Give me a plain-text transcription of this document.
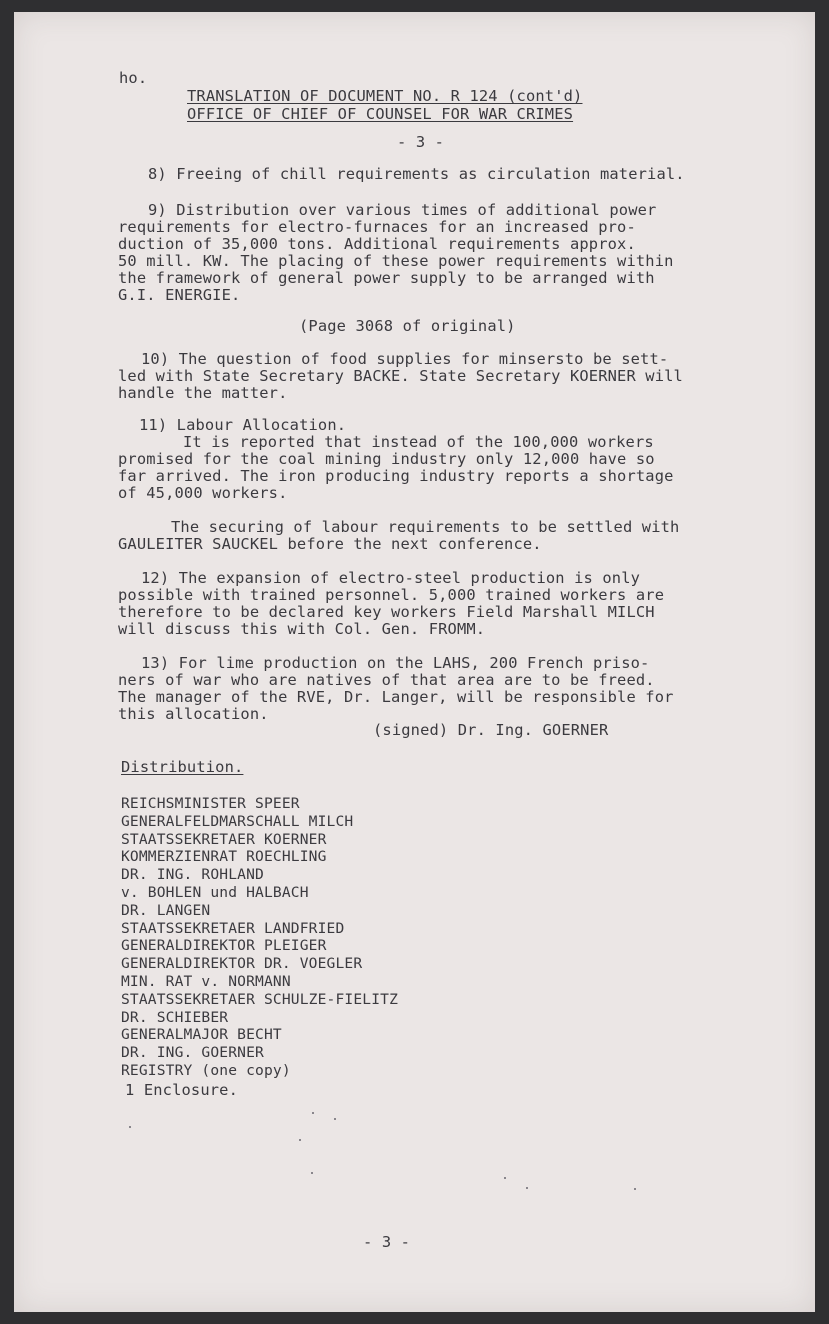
ho.
TRANSLATION OF DOCUMENT NO. R 124 (cont'd)
OFFICE OF CHIEF OF COUNSEL FOR WAR CRIMES
- 3 -
8) Freeing of chill requirements as circulation material.
9) Distribution over various times of additional power
requirements for electro-furnaces for an increased pro-
duction of 35,000 tons. Additional requirements approx.
50 mill. KW. The placing of these power requirements within
the framework of general power supply to be arranged with
G.I. ENERGIE.
(Page 3068 of original)
10) The question of food supplies for minsersto be sett-
led with State Secretary BACKE. State Secretary KOERNER will
handle the matter.
11) Labour Allocation.
It is reported that instead of the 100,000 workers
promised for the coal mining industry only 12,000 have so
far arrived. The iron producing industry reports a shortage
of 45,000 workers.
The securing of labour requirements to be settled with
GAULEITER SAUCKEL before the next conference.
12) The expansion of electro-steel production is only
possible with trained personnel. 5,000 trained workers are
therefore to be declared key workers Field Marshall MILCH
will discuss this with Col. Gen. FROMM.
13) For lime production on the LAHS, 200 French priso-
ners of war who are natives of that area are to be freed.
The manager of the RVE, Dr. Langer, will be responsible for
this allocation.
(signed) Dr. Ing. GOERNER
Distribution.
REICHSMINISTER SPEER
GENERALFELDMARSCHALL MILCH
STAATSSEKRETAER KOERNER
KOMMERZIENRAT ROECHLING
DR. ING. ROHLAND
v. BOHLEN und HALBACH
DR. LANGEN
STAATSSEKRETAER LANDFRIED
GENERALDIREKTOR PLEIGER
GENERALDIREKTOR DR. VOEGLER
MIN. RAT v. NORMANN
STAATSSEKRETAER SCHULZE-FIELITZ
DR. SCHIEBER
GENERALMAJOR BECHT
DR. ING. GOERNER
REGISTRY (one copy)
1 Enclosure.
- 3 -
